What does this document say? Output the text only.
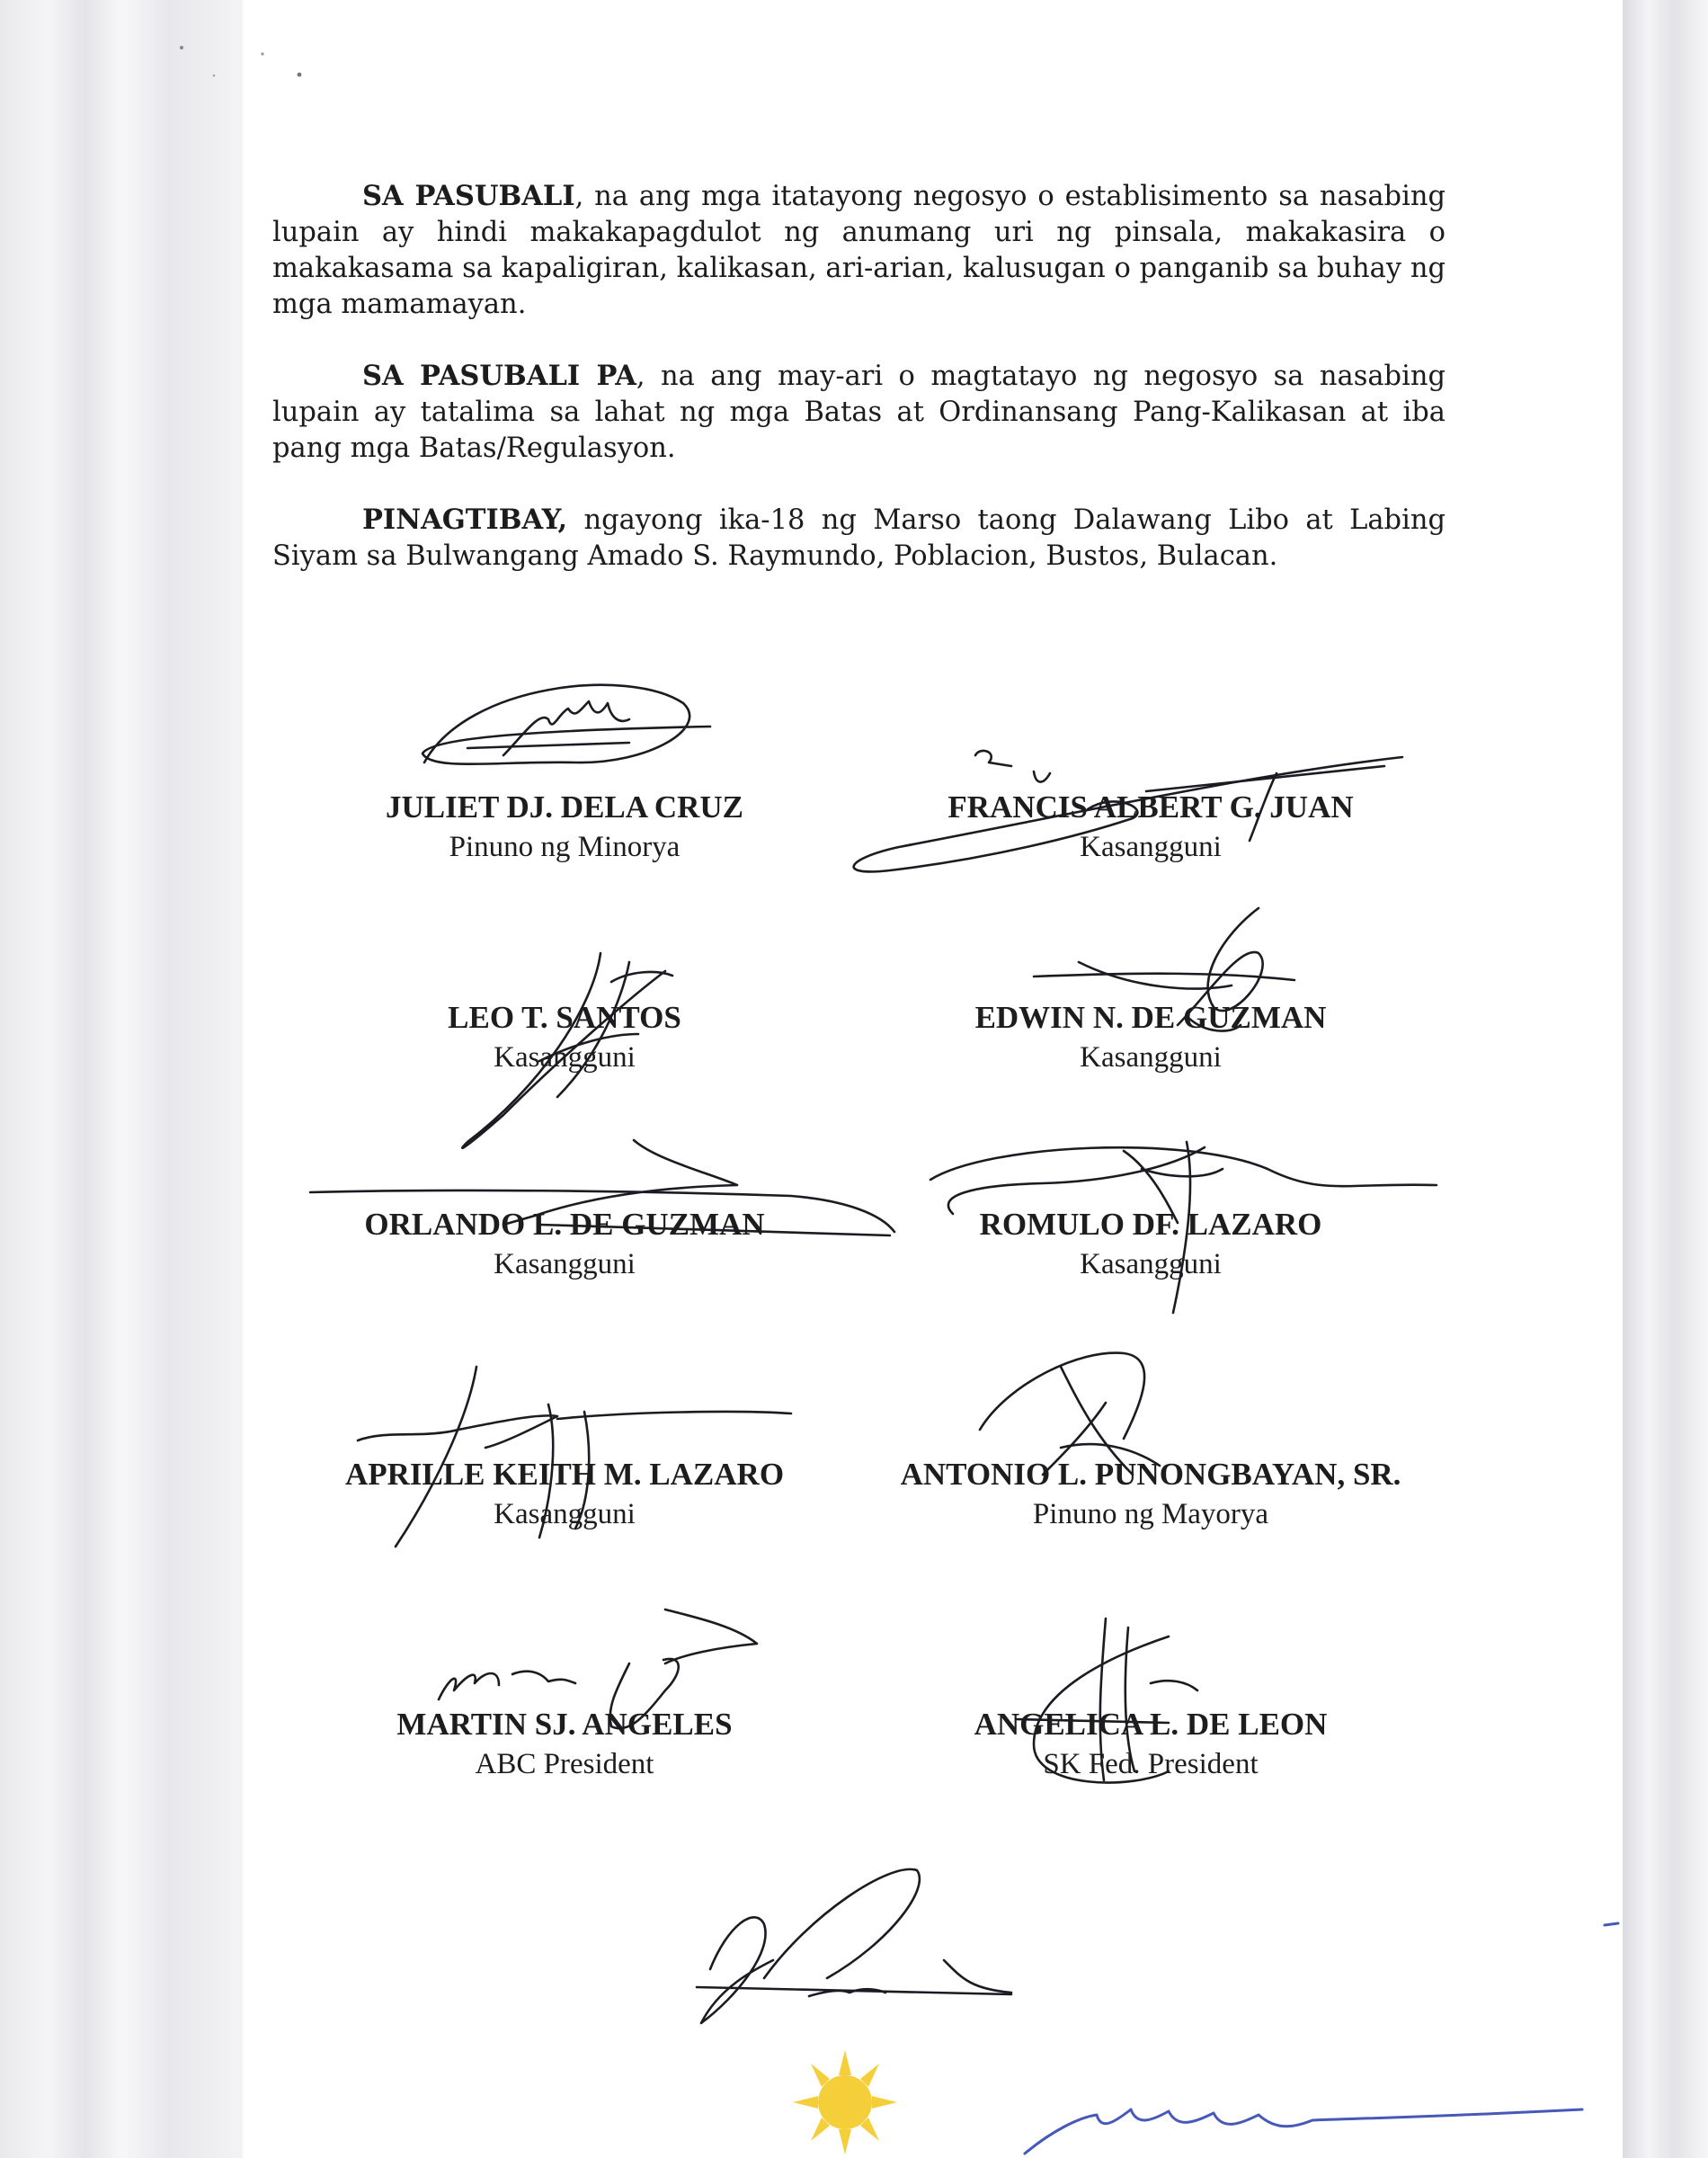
SA PASUBALI, na ang mga itatayong negosyo o establisimento sa nasabing lupain ay hindi makakapagdulot ng anumang uri ng pinsala, makakasira o makakasama sa kapaligiran, kalikasan, ari-arian, kalusugan o panganib sa buhay ng mga mamamayan.

SA PASUBALI PA, na ang may-ari o magtatayo ng negosyo sa nasabing lupain ay tatalima sa lahat ng mga Batas at Ordinansang Pang-Kalikasan at iba pang mga Batas/Regulasyon.

PINAGTIBAY, ngayong ika-18 ng Marso taong Dalawang Libo at Labing Siyam sa Bulwangang Amado S. Raymundo, Poblacion, Bustos, Bulacan.

JULIET DJ. DELA CRUZ
Pinuno ng Minorya
FRANCIS ALBERT G. JUAN
Kasangguni
LEO T. SANTOS
Kasangguni
EDWIN N. DE GUZMAN
Kasangguni
ORLANDO L. DE GUZMAN
Kasangguni
ROMULO DF. LAZARO
Kasangguni
APRILLE KEITH M. LAZARO
Kasangguni
ANTONIO L. PUNONGBAYAN, SR.
Pinuno ng Mayorya
MARTIN SJ. ANGELES
ABC President
ANGELICA L. DE LEON
SK Fed. President
